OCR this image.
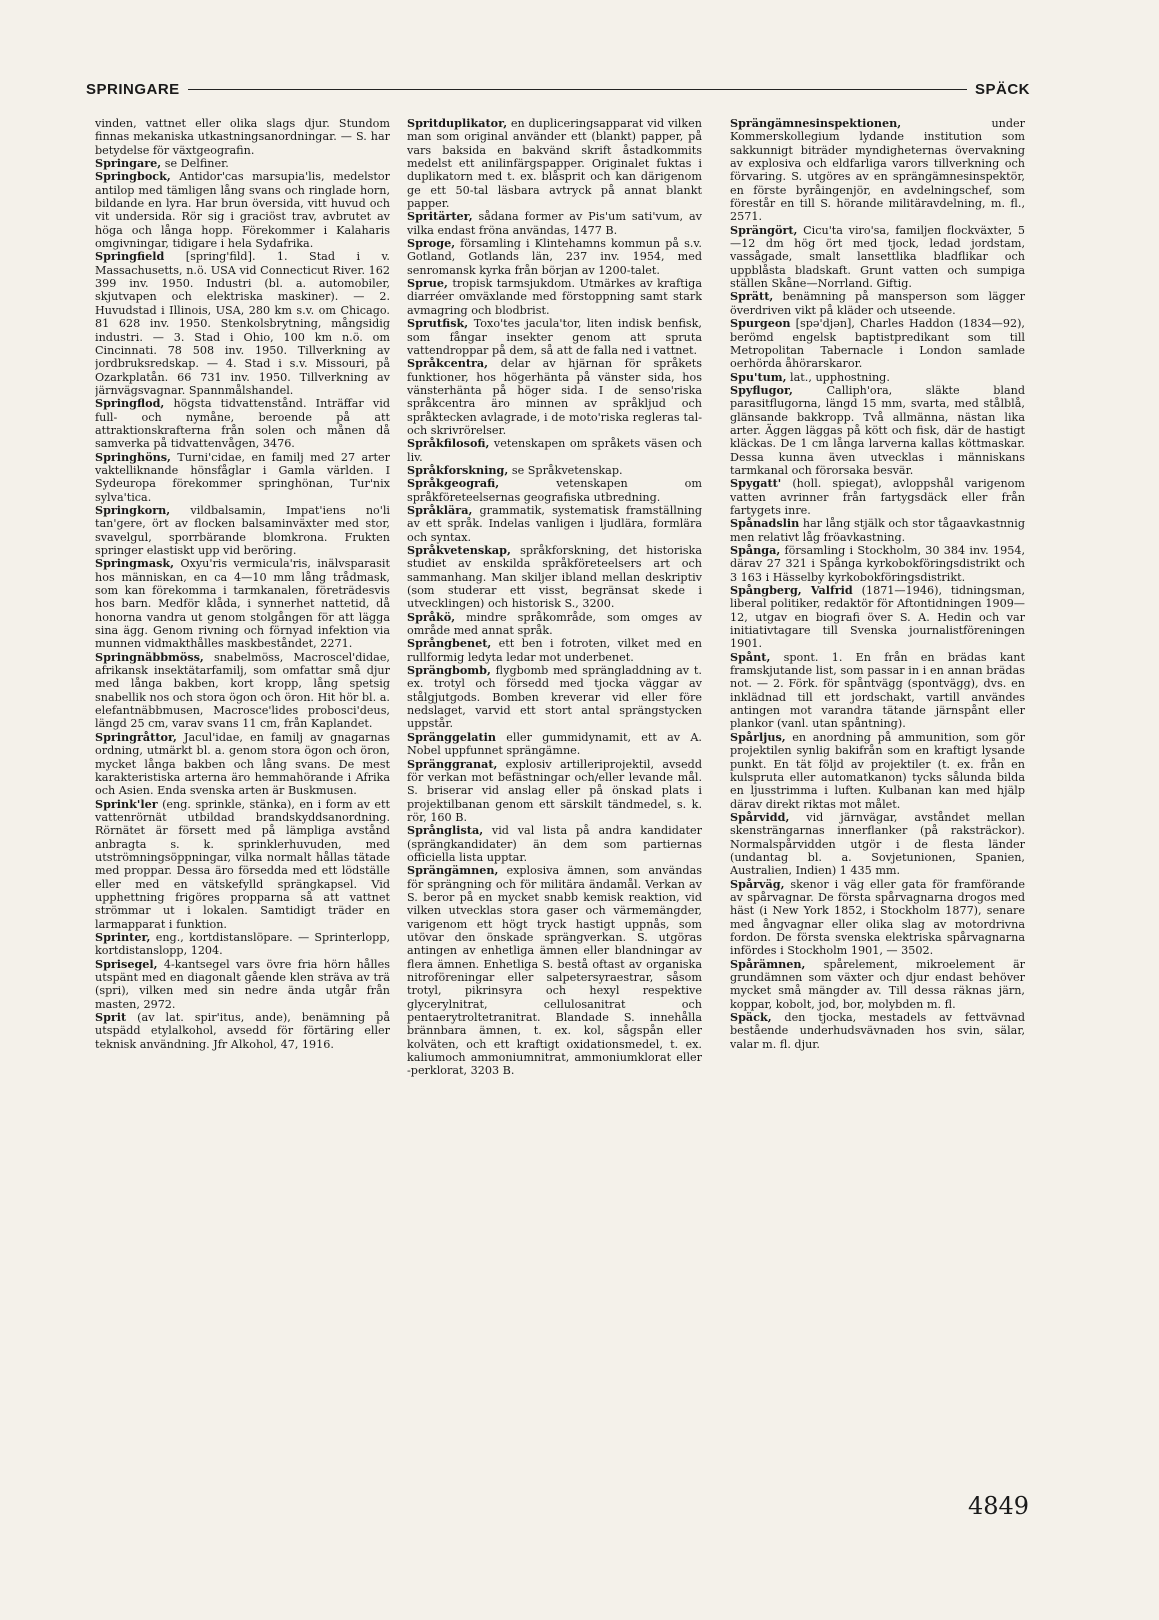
SPRINGARE	SPÄCK

vinden, vattnet eller olika slags djur. Stundom finnas mekaniska utkastningsanordningar. — S. har betydelse för växtgeografin.

Springare, se Delfiner.

Springbock, Antidor'cas marsupia'lis, medelstor antilop med tämligen lång svans och ringlade horn, bildande en lyra. Har brun översida, vitt huvud och vit undersida. Rör sig i graciöst trav, avbrutet av höga och långa hopp. Förekommer i Kalaharis omgivningar, tidigare i hela Sydafrika.

Springfield [spring'fild]. 1. Stad i v. Massachusetts, n.ö. USA vid Connecticut River. 162 399 inv. 1950. Industri (bl. a. automobiler, skjutvapen och elektriska maskiner). — 2. Huvudstad i Illinois, USA, 280 km s.v. om Chicago. 81 628 inv. 1950. Stenkolsbrytning, mångsidig industri. — 3. Stad i Ohio, 100 km n.ö. om Cincinnati. 78 508 inv. 1950. Tillverkning av jordbruksredskap. — 4. Stad i s.v. Missouri, på Ozarkplatån. 66 731 inv. 1950. Tillverkning av järnvägsvagnar. Spannmålshandel.

Springflod, högsta tidvattenstånd. Inträffar vid full- och nymåne, beroende på att attraktionskrafterna från solen och månen då samverka på tidvattenvågen, 3476.

Springhöns, Turni'cidae, en familj med 27 arter vaktelliknande hönsfåglar i Gamla världen. I Sydeuropa förekommer springhönan, Tur'nix sylva'tica.

Springkorn, vildbalsamin, Impat'iens no'li tan'gere, ört av flocken balsaminväxter med stor, svavelgul, sporrbärande blomkrona. Frukten springer elastiskt upp vid beröring.

Springmask, Oxyu'ris vermicula'ris, inälvsparasit hos människan, en ca 4—10 mm lång trådmask, som kan förekomma i tarmkanalen, företrädesvis hos barn. Medför klåda, i synnerhet nattetid, då honorna vandra ut genom stolgången för att lägga sina ägg. Genom rivning och förnyad infektion via munnen vidmakthålles maskbeståndet, 2271.

Springnäbbmöss, snabelmöss, Macroscel'didae, afrikansk insektätarfamilj, som omfattar små djur med långa bakben, kort kropp, lång spetsig snabellik nos och stora ögon och öron. Hit hör bl. a. elefantnäbbmusen, Macrosce'lides probosci'deus, längd 25 cm, varav svans 11 cm, från Kaplandet.

Springråttor, Jacul'idae, en familj av gnagarnas ordning, utmärkt bl. a. genom stora ögon och öron, mycket långa bakben och lång svans. De mest karakteristiska arterna äro hemmahörande i Afrika och Asien. Enda svenska arten är Buskmusen.

Sprink'ler (eng. sprinkle, stänka), en i form av ett vattenrörnät utbildad brandskyddsanordning. Rörnätet är försett med på lämpliga avstånd anbragta s. k. sprinklerhuvuden, med utströmningsöppningar, vilka normalt hållas tätade med proppar. Dessa äro försedda med ett lödställe eller med en vätskefylld sprängkapsel. Vid upphettning frigöres propparna så att vattnet strömmar ut i lokalen. Samtidigt träder en larmapparat i funktion.

Sprinter, eng., kortdistanslöpare. — Sprinterlopp, kortdistanslopp, 1204.

Sprisegel, 4-kantsegel vars övre fria hörn hålles utspänt med en diagonalt gående klen sträva av trä (spri), vilken med sin nedre ända utgår från masten, 2972.

Sprit (av lat. spir'itus, ande), benämning på utspädd etylalkohol, avsedd för förtäring eller teknisk användning. Jfr Alkohol, 47, 1916.

Spritduplikator, en dupliceringsapparat vid vilken man som original använder ett (blankt) papper, på vars baksida en bakvänd skrift åstadkommits medelst ett anilinfärgspapper. Originalet fuktas i duplikatorn med t. ex. blåsprit och kan därigenom ge ett 50-tal läsbara avtryck på annat blankt papper.

Spritärter, sådana former av Pis'um sati'vum, av vilka endast fröna användas, 1477 B.

Sproge, församling i Klintehamns kommun på s.v. Gotland, Gotlands län, 237 inv. 1954, med senromansk kyrka från början av 1200-talet.

Sprue, tropisk tarmsjukdom. Utmärkes av kraftiga diarréer omväxlande med förstoppning samt stark avmagring och blodbrist.

Sprutfisk, Toxo'tes jacula'tor, liten indisk benfisk, som fångar insekter genom att spruta vattendroppar på dem, så att de falla ned i vattnet.

Språkcentra, delar av hjärnan för språkets funktioner, hos högerhänta på vänster sida, hos vänsterhänta på höger sida. I de senso'riska språkcentra äro minnen av språkljud och språktecken avlagrade, i de moto'riska regleras tal- och skrivrörelser.

Språkfilosofi, vetenskapen om språkets väsen och liv.

Språkforskning, se Språkvetenskap.

Språkgeografi, vetenskapen om språkföreteelsernas geografiska utbredning.

Språklära, grammatik, systematisk framställning av ett språk. Indelas vanligen i ljudlära, formlära och syntax.

Språkvetenskap, språkforskning, det historiska studiet av enskilda språkföreteelsers art och sammanhang. Man skiljer ibland mellan deskriptiv (som studerar ett visst, begränsat skede i utvecklingen) och historisk S., 3200.

Språkö, mindre språkområde, som omges av område med annat språk.

Språngbenet, ett ben i fotroten, vilket med en rullformig ledyta ledar mot underbenet.

Sprängbomb, flygbomb med sprängladdning av t. ex. trotyl och försedd med tjocka väggar av stålgjutgods. Bomben kreverar vid eller före nedslaget, varvid ett stort antal sprängstycken uppstår.

Spränggelatin eller gummidynamit, ett av A. Nobel uppfunnet sprängämne.

Spränggranat, explosiv artilleriprojektil, avsedd för verkan mot befästningar och/eller levande mål. S. briserar vid anslag eller på önskad plats i projektilbanan genom ett särskilt tändmedel, s. k. rör, 160 B.

Språnglista, vid val lista på andra kandidater (sprängkandidater) än dem som partiernas officiella lista upptar.

Sprängämnen, explosiva ämnen, som användas för sprängning och för militära ändamål. Verkan av S. beror på en mycket snabb kemisk reaktion, vid vilken utvecklas stora gaser och värmemängder, varigenom ett högt tryck hastigt uppnås, som utövar den önskade sprängverkan. S. utgöras antingen av enhetliga ämnen eller blandningar av flera ämnen. Enhetliga S. bestå oftast av organiska nitroföreningar eller salpetersyraestrar, såsom trotyl, pikrinsyra och hexyl respektive glycerylnitrat, cellulosanitrat och pentaerytroltetranitrat. Blandade S. innehålla brännbara ämnen, t. ex. kol, sågspån eller kolväten, och ett kraftigt oxidationsmedel, t. ex. kaliumoch ammoniumnitrat, ammoniumklorat eller -perklorat, 3203 B.

Sprängämnesinspektionen, under Kommerskollegium lydande institution som sakkunnigt biträder myndigheternas övervakning av explosiva och eldfarliga varors tillverkning och förvaring. S. utgöres av en sprängämnesinspektör, en förste byråingenjör, en avdelningschef, som förestår en till S. hörande militäravdelning, m. fl., 2571.

Sprängört, Cicu'ta viro'sa, familjen flockväxter, 5—12 dm hög ört med tjock, ledad jordstam, vassågade, smalt lansettlika bladflikar och uppblåsta bladskaft. Grunt vatten och sumpiga ställen Skåne—Norrland. Giftig.

Sprätt, benämning på mansperson som lägger överdriven vikt på kläder och utseende.

Spurgeon [spə'djən], Charles Haddon (1834—92), berömd engelsk baptistpredikant som till Metropolitan Tabernacle i London samlade oerhörda åhörarskaror.

Spu'tum, lat., upphostning.

Spyflugor, Calliph'ora, släkte bland parasitflugorna, längd 15 mm, svarta, med stålblå, glänsande bakkropp. Två allmänna, nästan lika arter. Äggen läggas på kött och fisk, där de hastigt kläckas. De 1 cm långa larverna kallas köttmaskar. Dessa kunna även utvecklas i människans tarmkanal och förorsaka besvär.

Spygatt' (holl. spiegat), avloppshål varigenom vatten avrinner från fartygsdäck eller från fartygets inre.

Spånadslin har lång stjälk och stor tågaavkastnnig men relativt låg fröavkastning.

Spånga, församling i Stockholm, 30 384 inv. 1954, därav 27 321 i Spånga kyrkobokföringsdistrikt och 3 163 i Hässelby kyrkobokföringsdistrikt.

Spångberg, Valfrid (1871—1946), tidningsman, liberal politiker, redaktör för Aftontidningen 1909—12, utgav en biografi över S. A. Hedin och var initiativtagare till Svenska journalistföreningen 1901.

Spånt, spont. 1. En från en brädas kant framskjutande list, som passar in i en annan brädas not. — 2. Förk. för spåntvägg (spontvägg), dvs. en inklädnad till ett jordschakt, vartill användes antingen mot varandra tätande järnspånt eller plankor (vanl. utan spåntning).

Spårljus, en anordning på ammunition, som gör projektilen synlig bakifrån som en kraftigt lysande punkt. En tät följd av projektiler (t. ex. från en kulspruta eller automatkanon) tycks sålunda bilda en ljusstrimma i luften. Kulbanan kan med hjälp därav direkt riktas mot målet.

Spårvidd, vid järnvägar, avståndet mellan skensträngarnas innerflanker (på raksträckor). Normalspårvidden utgör i de flesta länder (undantag bl. a. Sovjetunionen, Spanien, Australien, Indien) 1 435 mm.

Spårväg, skenor i väg eller gata för framförande av spårvagnar. De första spårvagnarna drogos med häst (i New York 1852, i Stockholm 1877), senare med ångvagnar eller olika slag av motordrivna fordon. De första svenska elektriska spårvagnarna infördes i Stockholm 1901, — 3502.

Spårämnen, spårelement, mikroelement är grundämnen som växter och djur endast behöver mycket små mängder av. Till dessa räknas järn, koppar, kobolt, jod, bor, molybden m. fl.

Späck, den tjocka, mestadels av fettvävnad bestående underhudsvävnaden hos svin, sälar, valar m. fl. djur.

4849
